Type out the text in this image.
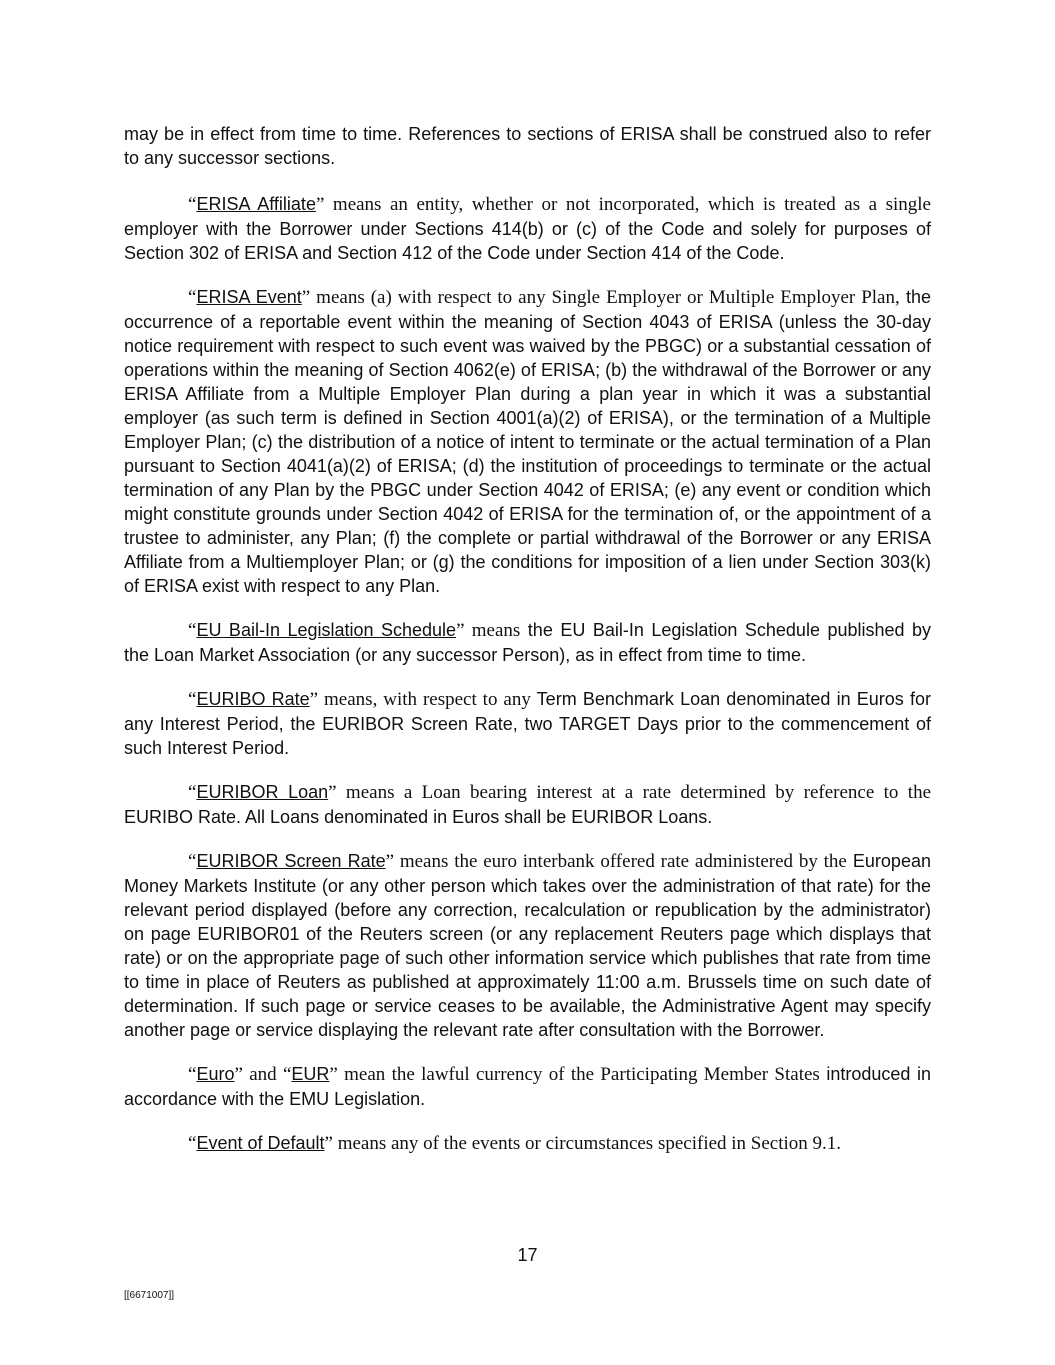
may be in effect from time to time. References to sections of ERISA shall be construed also to refer to any successor sections.

“ERISA Affiliate” means an entity, whether or not incorporated, which is treated as a single employer with the Borrower under Sections 414(b) or (c) of the Code and solely for purposes of Section 302 of ERISA and Section 412 of the Code under Section 414 of the Code.

“ERISA Event” means (a) with respect to any Single Employer or Multiple Employer Plan, the occurrence of a reportable event within the meaning of Section 4043 of ERISA (unless the 30-day notice requirement with respect to such event was waived by the PBGC) or a substantial cessation of operations within the meaning of Section 4062(e) of ERISA; (b) the withdrawal of the Borrower or any ERISA Affiliate from a Multiple Employer Plan during a plan year in which it was a substantial employer (as such term is defined in Section 4001(a)(2) of ERISA), or the termination of a Multiple Employer Plan; (c) the distribution of a notice of intent to terminate or the actual termination of a Plan pursuant to Section 4041(a)(2) of ERISA; (d) the institution of proceedings to terminate or the actual termination of any Plan by the PBGC under Section 4042 of ERISA; (e) any event or condition which might constitute grounds under Section 4042 of ERISA for the termination of, or the appointment of a trustee to administer, any Plan; (f) the complete or partial withdrawal of the Borrower or any ERISA Affiliate from a Multiemployer Plan; or (g) the conditions for imposition of a lien under Section 303(k) of ERISA exist with respect to any Plan.

“EU Bail-In Legislation Schedule” means the EU Bail-In Legislation Schedule published by the Loan Market Association (or any successor Person), as in effect from time to time.

“EURIBO Rate” means, with respect to any Term Benchmark Loan denominated in Euros for any Interest Period, the EURIBOR Screen Rate, two TARGET Days prior to the commencement of such Interest Period.

“EURIBOR Loan” means a Loan bearing interest at a rate determined by reference to the EURIBO Rate. All Loans denominated in Euros shall be EURIBOR Loans.

“EURIBOR Screen Rate” means the euro interbank offered rate administered by the European Money Markets Institute (or any other person which takes over the administration of that rate) for the relevant period displayed (before any correction, recalculation or republication by the administrator) on page EURIBOR01 of the Reuters screen (or any replacement Reuters page which displays that rate) or on the appropriate page of such other information service which publishes that rate from time to time in place of Reuters as published at approximately 11:00 a.m. Brussels time on such date of determination. If such page or service ceases to be available, the Administrative Agent may specify another page or service displaying the relevant rate after consultation with the Borrower.

“Euro” and “EUR” mean the lawful currency of the Participating Member States introduced in accordance with the EMU Legislation.

“Event of Default” means any of the events or circumstances specified in Section 9.1.

17
[[6671007]]
